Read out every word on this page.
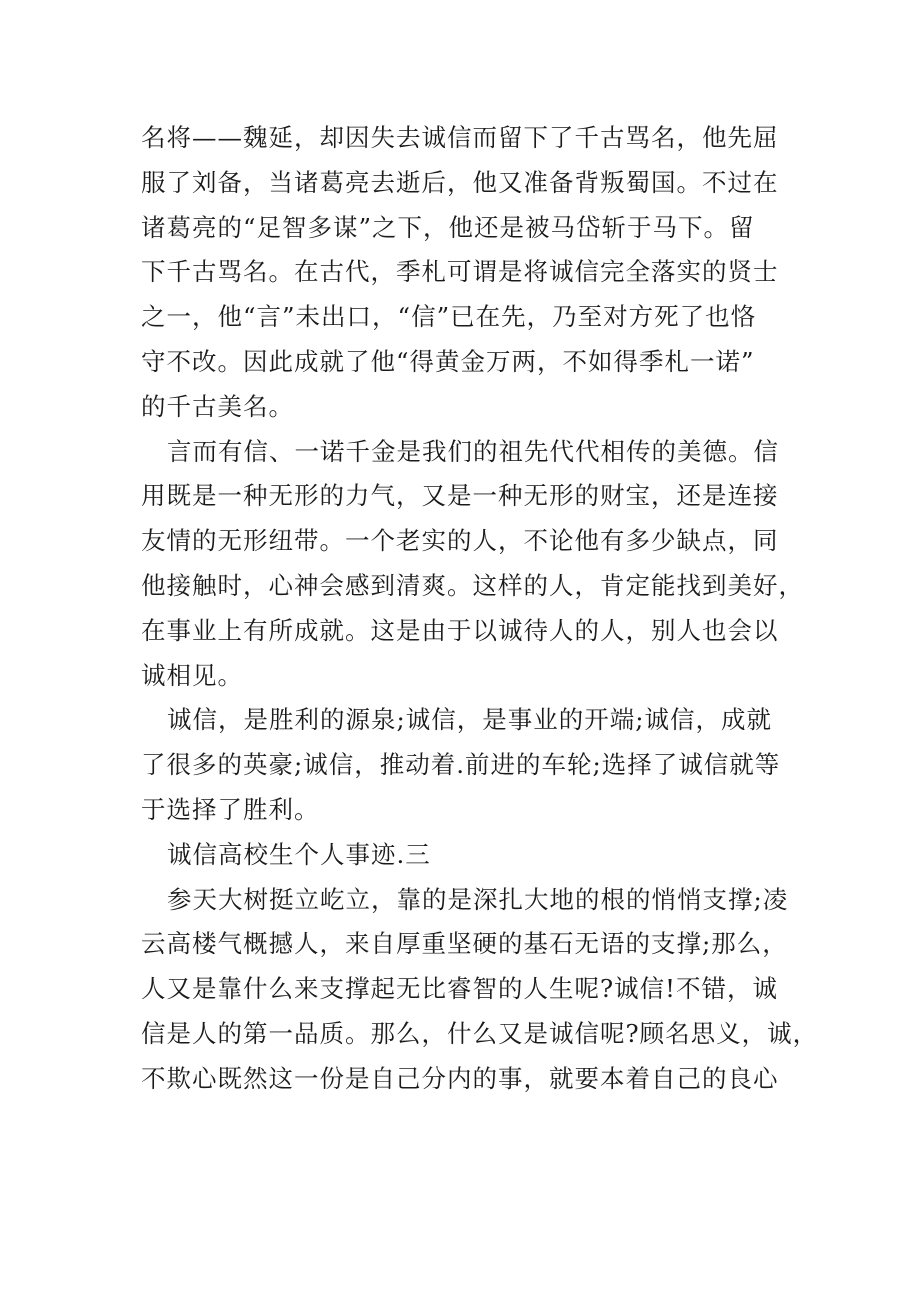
名将——魏延，却因失去诚信而留下了千古骂名，他先屈
服了刘备，当诸葛亮去逝后，他又准备背叛蜀国。不过在
诸葛亮的“足智多谋”之下，他还是被马岱斩于马下。留
下千古骂名。在古代，季札可谓是将诚信完全落实的贤士
之一，他“言”未出口，“信”已在先，乃至对方死了也恪
守不改。因此成就了他“得黄金万两，不如得季札一诺”
的千古美名。
言而有信、一诺千金是我们的祖先代代相传的美德。信
用既是一种无形的力气，又是一种无形的财宝，还是连接
友情的无形纽带。一个老实的人，不论他有多少缺点，同
他接触时，心神会感到清爽。这样的人，肯定能找到美好，
在事业上有所成就。这是由于以诚待人的人，别人也会以
诚相见。
诚信，是胜利的源泉;诚信，是事业的开端;诚信，成就
了很多的英豪;诚信，推动着.前进的车轮;选择了诚信就等
于选择了胜利。
诚信高校生个人事迹.三
参天大树挺立屹立，靠的是深扎大地的根的悄悄支撑;凌
云高楼气概撼人，来自厚重坚硬的基石无语的支撑;那么，
人又是靠什么来支撑起无比睿智的人生呢?诚信!不错，诚
信是人的第一品质。那么，什么又是诚信呢?顾名思义，诚，
不欺心既然这一份是自己分内的事，就要本着自己的良心
